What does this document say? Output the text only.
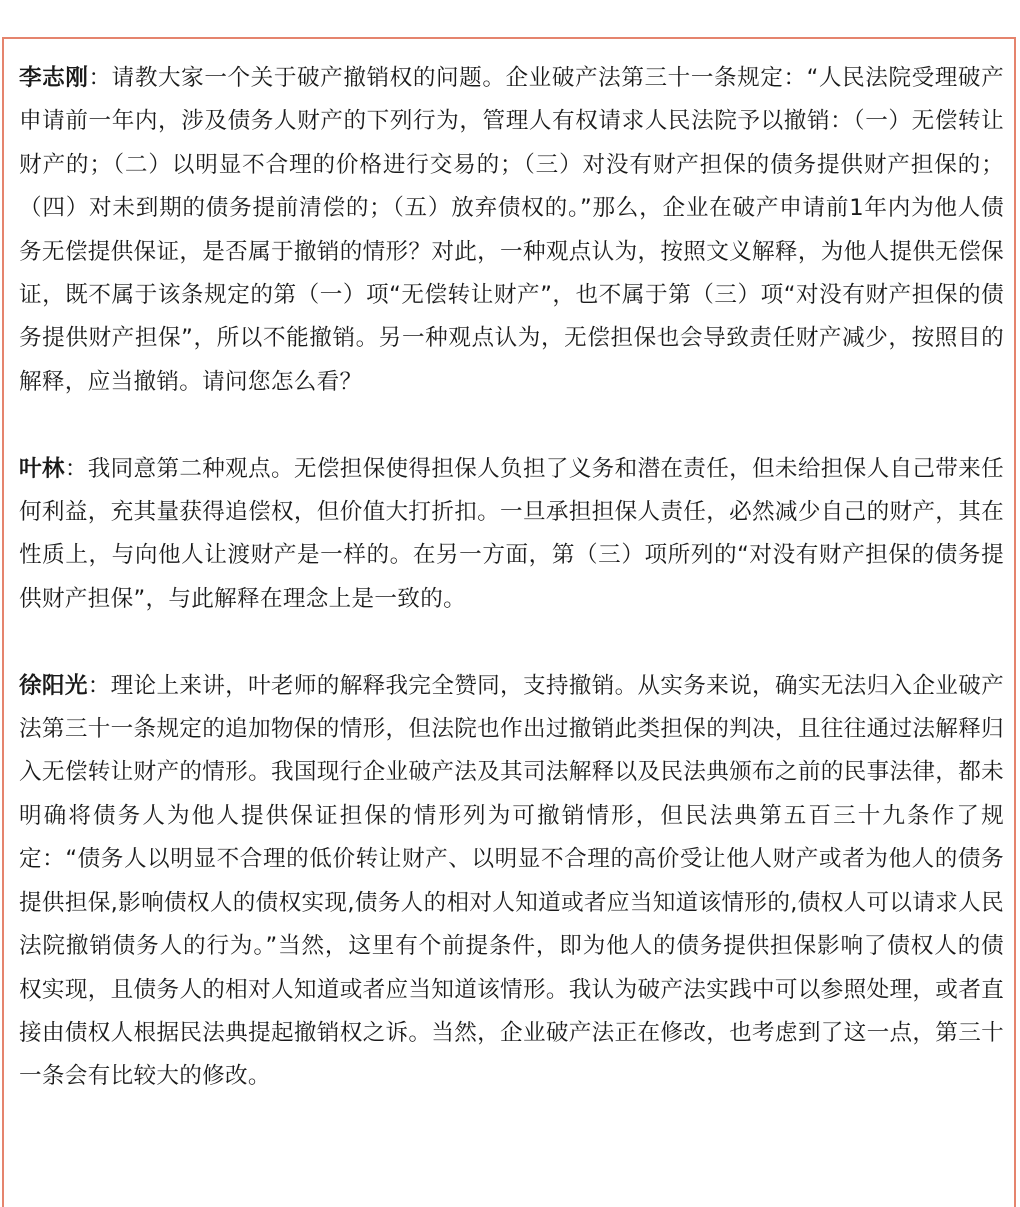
李志刚：请教大家一个关于破产撤销权的问题。企业破产法第三十一条规定：“人民法院受理破产申请前一年内，涉及债务人财产的下列行为，管理人有权请求人民法院予以撤销：（一）无偿转让财产的；（二）以明显不合理的价格进行交易的；（三）对没有财产担保的债务提供财产担保的；（四）对未到期的债务提前清偿的；（五）放弃债权的。”那么，企业在破产申请前1年内为他人债务无偿提供保证，是否属于撤销的情形？对此，一种观点认为，按照文义解释，为他人提供无偿保证，既不属于该条规定的第（一）项“无偿转让财产”，也不属于第（三）项“对没有财产担保的债务提供财产担保”，所以不能撤销。另一种观点认为，无偿担保也会导致责任财产减少，按照目的解释，应当撤销。请问您怎么看？

叶林：我同意第二种观点。无偿担保使得担保人负担了义务和潜在责任，但未给担保人自己带来任何利益，充其量获得追偿权，但价值大打折扣。一旦承担担保人责任，必然减少自己的财产，其在性质上，与向他人让渡财产是一样的。在另一方面，第（三）项所列的“对没有财产担保的债务提供财产担保”，与此解释在理念上是一致的。

徐阳光：理论上来讲，叶老师的解释我完全赞同，支持撤销。从实务来说，确实无法归入企业破产法第三十一条规定的追加物保的情形，但法院也作出过撤销此类担保的判决，且往往通过法解释归入无偿转让财产的情形。我国现行企业破产法及其司法解释以及民法典颁布之前的民事法律，都未明确将债务人为他人提供保证担保的情形列为可撤销情形，但民法典第五百三十九条作了规定：“债务人以明显不合理的低价转让财产、以明显不合理的高价受让他人财产或者为他人的债务提供担保,影响债权人的债权实现,债务人的相对人知道或者应当知道该情形的,债权人可以请求人民法院撤销债务人的行为。”当然，这里有个前提条件，即为他人的债务提供担保影响了债权人的债权实现，且债务人的相对人知道或者应当知道该情形。我认为破产法实践中可以参照处理，或者直接由债权人根据民法典提起撤销权之诉。当然，企业破产法正在修改，也考虑到了这一点，第三十一条会有比较大的修改。
